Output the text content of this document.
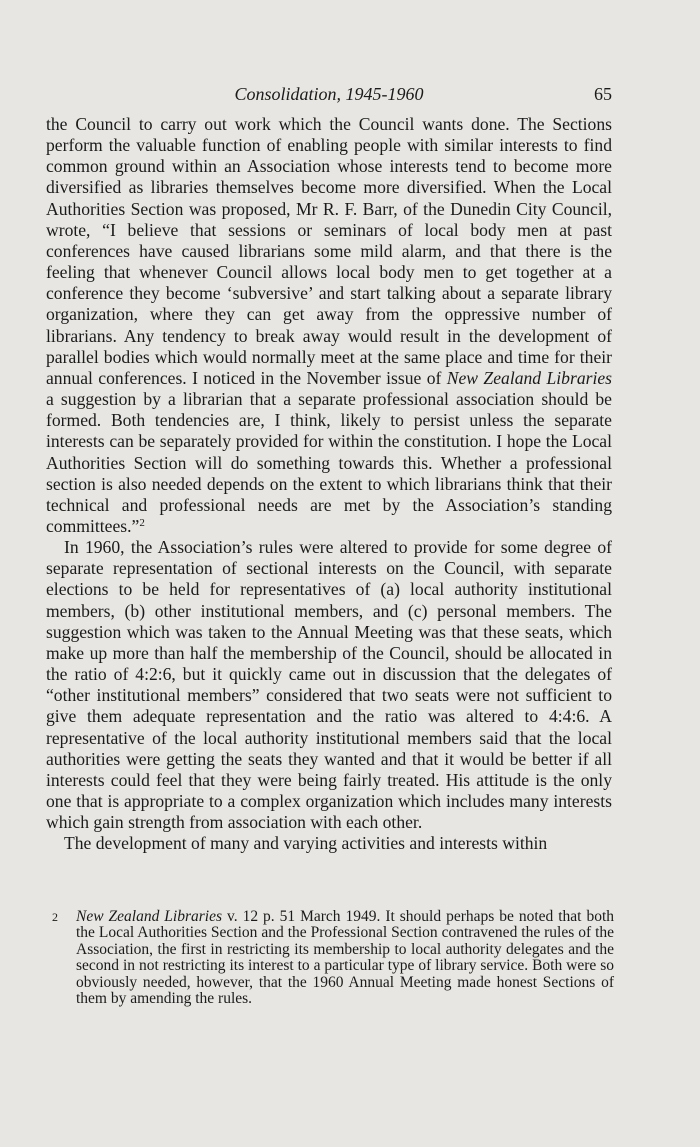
Consolidation, 1945-1960	65

the Council to carry out work which the Council wants done. The Sections perform the valuable function of enabling people with similar interests to find common ground within an Association whose interests tend to become more diversified as libraries themselves become more diversified. When the Local Authorities Section was proposed, Mr R. F. Barr, of the Dunedin City Council, wrote, “I believe that sessions or seminars of local body men at past conferences have caused librarians some mild alarm, and that there is the feeling that whenever Council allows local body men to get together at a conference they become ‘subversive’ and start talking about a separate library organization, where they can get away from the oppressive number of librarians. Any tendency to break away would result in the development of parallel bodies which would normally meet at the same place and time for their annual conferences. I noticed in the November issue of New Zealand Libraries a suggestion by a librarian that a separate professional association should be formed. Both tendencies are, I think, likely to persist unless the separate interests can be separately provided for within the constitution. I hope the Local Authorities Section will do something towards this. Whether a professional section is also needed depends on the extent to which librarians think that their technical and professional needs are met by the Association’s standing committees.”$^2$

In 1960, the Association’s rules were altered to provide for some degree of separate representation of sectional interests on the Council, with separate elections to be held for representatives of (a) local authority institutional members, (b) other institutional members, and (c) personal members. The suggestion which was taken to the Annual Meeting was that these seats, which make up more than half the membership of the Council, should be allocated in the ratio of 4:2:6, but it quickly came out in discussion that the delegates of “other institutional members” considered that two seats were not sufficient to give them adequate representation and the ratio was altered to 4:4:6. A representative of the local authority institutional members said that the local authorities were getting the seats they wanted and that it would be better if all interests could feel that they were being fairly treated. His attitude is the only one that is appropriate to a complex organization which includes many interests which gain strength from association with each other.

The development of many and varying activities and interests within

2 New Zealand Libraries v. 12 p. 51 March 1949. It should perhaps be noted that both the Local Authorities Section and the Professional Section contravened the rules of the Association, the first in restricting its membership to local authority delegates and the second in not restricting its interest to a particular type of library service. Both were so obviously needed, however, that the 1960 Annual Meeting made honest Sections of them by amending the rules.
